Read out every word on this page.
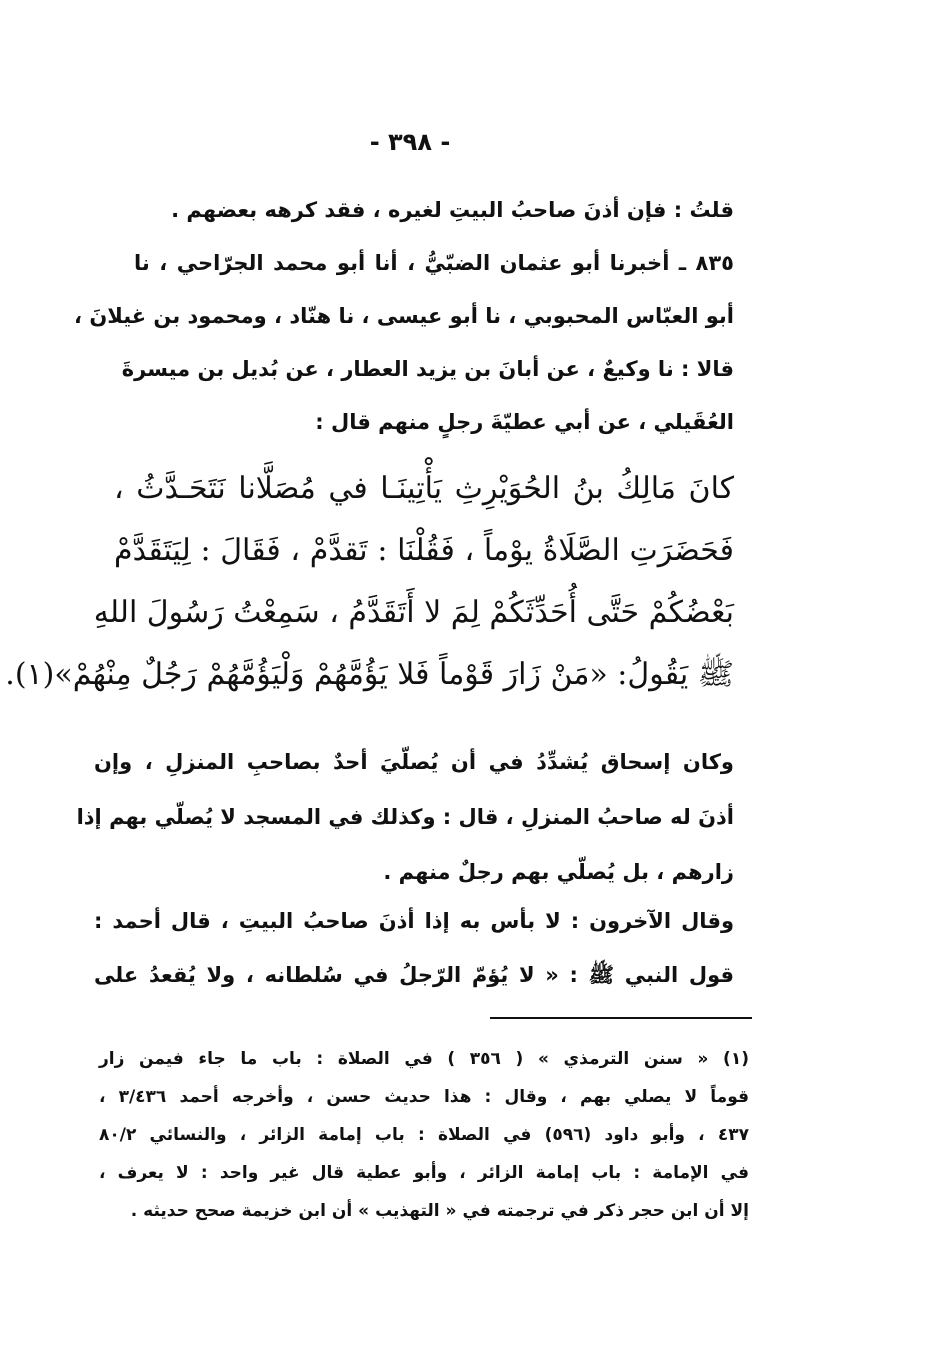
- ٣٩٨ -
قلتُ : فإن أذنَ صاحبُ البيتِ لغيره ، فقد كرهه بعضهم .
٨٣٥ ـ أخبرنا أبو عثمان الضبّيُّ ، أنا أبو محمد الجرّاحي ، نا
أبو العبّاس المحبوبي ، نا أبو عيسى ، نا هنّاد ، ومحمود بن غيلانَ ،
قالا : نا وكيعٌ ، عن أبانَ بن يزيد العطار ، عن بُديل بن ميسرةَ
العُقَيلي ، عن أبي عطيّةَ رجلٍ منهم قال :
كانَ مَالِكُ بنُ الحُوَيْرِثِ يَأْتِينَـا في مُصَلَّانا نَتَحَـدَّثُ ،
فَحَضَرَتِ الصَّلَاةُ يوْماً ، فَقُلْنَا : تَقدَّمْ ، فَقَالَ : لِيَتَقَدَّمْ
بَعْضُكُمْ حَتَّى أُحَدِّثَكُمْ لِمَ لا أَتَقَدَّمُ ، سَمِعْتُ رَسُولَ اللهِ
ﷺ يَقُولُ: «مَنْ زَارَ قَوْماً فَلا يَؤُمَّهُمْ وَلْيَؤُمَّهُمْ رَجُلٌ مِنْهُمْ»(١).
وكان إسحاق يُشدِّدُ في أن يُصلّيَ أحدٌ بصاحبِ المنزلِ ، وإن
أذنَ له صاحبُ المنزلِ ، قال : وكذلك في المسجد لا يُصلّي بهم إذا
زارهم ، بل يُصلّي بهم رجلٌ منهم .
وقال الآخرون : لا بأس به إذا أذنَ صاحبُ البيتِ ، قال أحمد :
قول النبي ﷺ : « لا يُؤمّ الرّجلُ في سُلطانه ، ولا يُقعدُ على
(١) « سنن الترمذي » ( ٣٥٦ ) في الصلاة : باب ما جاء فيمن زار
قوماً لا يصلي بهم ، وقال : هذا حديث حسن ، وأخرجه أحمد ٣/٤٣٦ ،
٤٣٧ ، وأبو داود (٥٩٦) في الصلاة : باب إمامة الزائر ، والنسائي ٨٠/٢
في الإمامة : باب إمامة الزائر ، وأبو عطية قال غير واحد : لا يعرف ،
إلا أن ابن حجر ذكر في ترجمته في « التهذيب » أن ابن خزيمة صحح حديثه .
